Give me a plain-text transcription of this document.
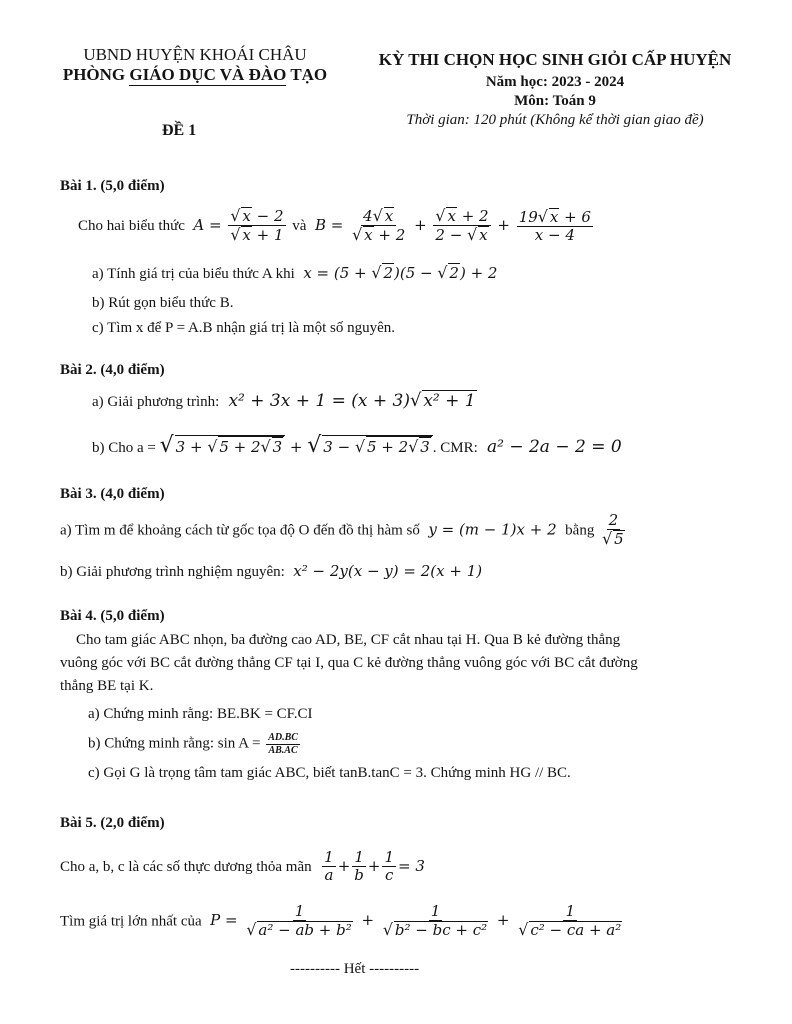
UBND HUYỆN KHOÁI CHÂU
PHÒNG GIÁO DỤC VÀ ĐÀO TẠO
ĐỀ 1
KỲ THI CHỌN HỌC SINH GIỎI CẤP HUYỆN
Năm học: 2023 - 2024
Môn: Toán 9
Thời gian: 120 phút (Không kể thời gian giao đề)
Bài 1. (5,0 điểm)
Cho hai biểu thức  $A = \frac{√ x - 2}{√ x + 1}$ và  $B = \frac{4√ x}{√ x + 2} + \frac{√ x + 2}{2 - √ x} + \frac{19√ x + 6}{x - 4}$
a) Tính giá trị của biểu thức A khi  x = (5 + √ 2)(5 − √ 2) + 2
b) Rút gọn biểu thức B.
c) Tìm x để P = A.B nhận giá trị là một số nguyên.
Bài 2. (4,0 điểm)
a) Giải phương trình:  x² + 3x + 1 = (x + 3)√ x² + 1
b) Cho a = √ 3 + √ 5 + 2√ 3 + √ 3 − √ 5 + 2√ 3 . CMR:  a² − 2a − 2 = 0
Bài 3. (4,0 điểm)
a) Tìm m để khoảng cách từ gốc tọa độ O đến đồ thị hàm số  y = (m − 1)x + 2  bằng $\frac{2}{√ 5}$
b) Giải phương trình nghiệm nguyên:  x² − 2y(x − y) = 2(x + 1)
Bài 4. (5,0 điểm)
Cho tam giác ABC nhọn, ba đường cao AD, BE, CF cắt nhau tại H. Qua B kẻ đường thẳng
vuông góc với BC cắt đường thẳng CF tại I, qua C kẻ đường thẳng vuông góc với BC cắt đường
thẳng BE tại K.
a) Chứng minh rằng: BE.BK = CF.CI
b) Chứng minh rằng: $\sin A = \frac{AD.BC}{AB.AC}$
c) Gọi G là trọng tâm tam giác ABC, biết tanB.tanC = 3. Chứng minh HG // BC.
Bài 5. (2,0 điểm)
Cho a, b, c là các số thực dương thỏa mãn $\frac{1}{a} + \frac{1}{b} + \frac{1}{c} = 3$
Tìm giá trị lớn nhất của  $P = \frac{1}{\text{√ a² − ab + b²}} + \frac{1}{\text{√ b² − bc + c²}} + \frac{1}{\text{√ c² − ca + a²}}$
---------- Hết ----------
